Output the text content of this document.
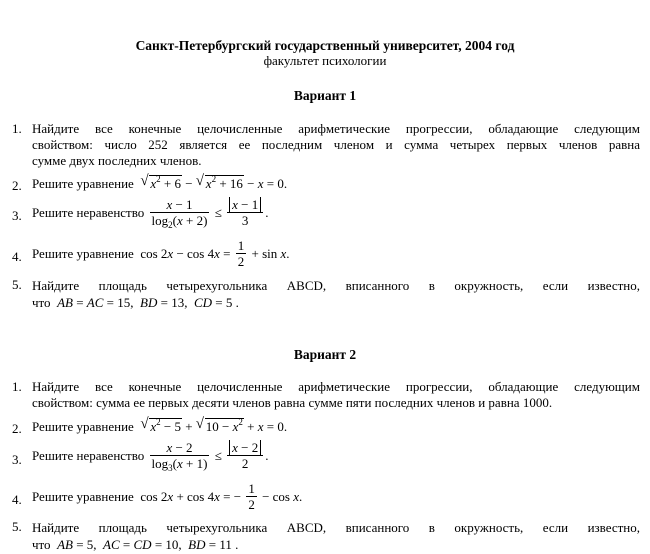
Санкт-Петербургский государственный университет, 2004 год
факультет психологии
Вариант 1
1. Найдите все конечные целочисленные арифметические прогрессии, обладающие следующим
свойством: число 252 является ее последним членом и сумма четырех первых членов равна
сумме двух последних членов.
2. Решите уравнение √ $x^2 + 6$ − √ $x^2 + 16 - x = 0$.
3. Решите неравенство $\frac{x - 1}{\log_2(x + 2)} \le \frac{x - 1}{3}$ .
4. Решите уравнение $\cos 2x - \cos 4x = \frac{1}{2} + \sin x$.
5. Найдите площадь четырехугольника ABCD, вписанного в окружность, если известно,
что AB = AC = 15,  BD = 13,  CD = 5 .
Вариант 2
1. Найдите все конечные целочисленные арифметические прогрессии, обладающие следующим
свойством: сумма ее первых десяти членов равна сумме пяти последних членов и равна 1000.
2. Решите уравнение √ $x^2 - 5$ + √ $10 - x^2 + x = 0$.
3. Решите неравенство $\frac{x - 2}{\log_3(x + 1)} \le \frac{x - 2}{2}$ .
4. Решите уравнение cos 2x + cos 4x = − $\frac{1}{2} - \cos x$.
5. Найдите площадь четырехугольника ABCD, вписанного в окружность, если известно,
что AB = 5,  AC = CD = 10,  BD = 11 .
